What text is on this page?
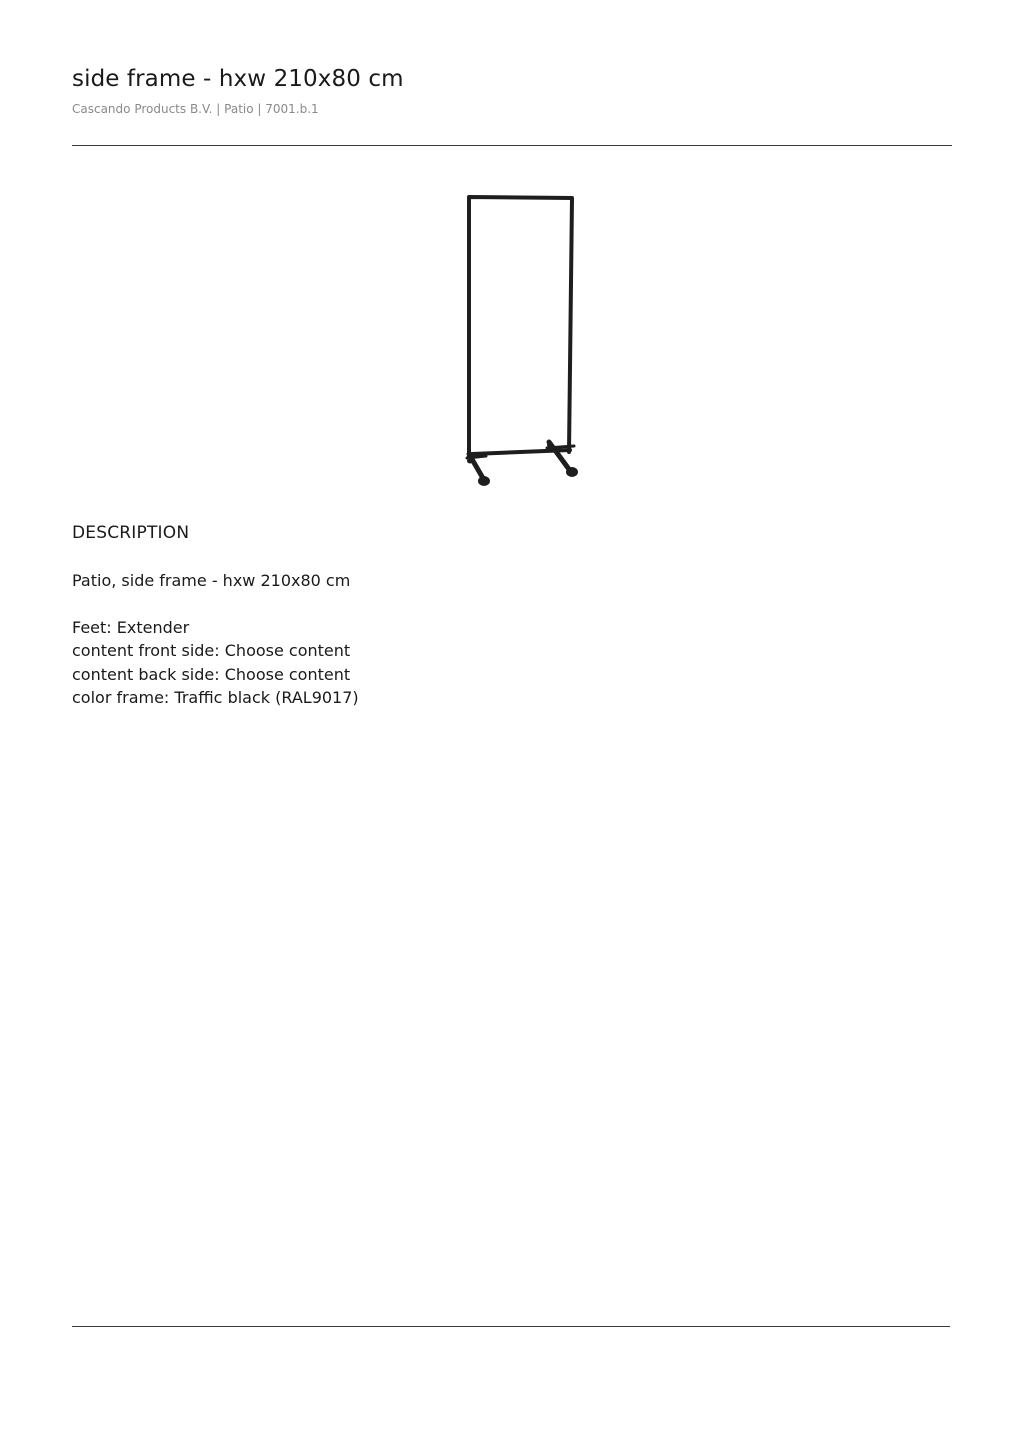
side frame - hxw 210x80 cm
Cascando Products B.V. | Patio | 7001.b.1
DESCRIPTION
Patio, side frame - hxw 210x80 cm
Feet: Extender
content front side: Choose content
content back side: Choose content
color frame: Traffic black (RAL9017)
